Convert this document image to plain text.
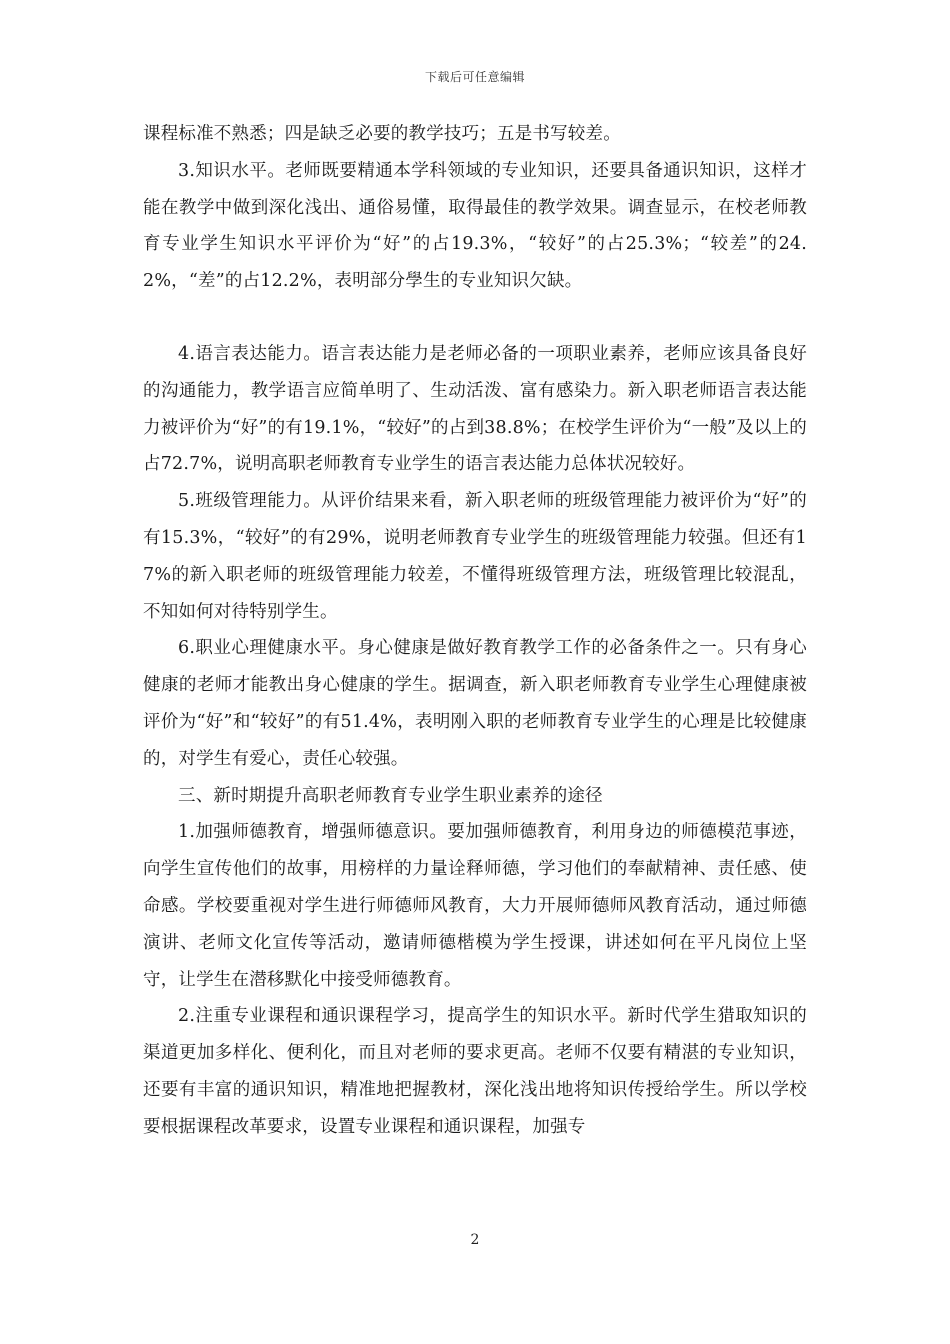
下载后可任意编辑

课程标准不熟悉；四是缺乏必要的教学技巧；五是书写较差。

3.知识水平。老师既要精通本学科领域的专业知识，还要具备通识知识，这样才能在教学中做到深化浅出、通俗易懂，取得最佳的教学效果。调查显示，在校老师教育专业学生知识水平评价为“好”的占19.3%，“较好”的占25.3%；“较差”的24.2%，“差”的占12.2%，表明部分學生的专业知识欠缺。

4.语言表达能力。语言表达能力是老师必备的一项职业素养，老师应该具备良好的沟通能力，教学语言应简单明了、生动活泼、富有感染力。新入职老师语言表达能力被评价为“好”的有19.1%，“较好”的占到38.8%；在校学生评价为“一般”及以上的占72.7%，说明高职老师教育专业学生的语言表达能力总体状况较好。

5.班级管理能力。从评价结果来看，新入职老师的班级管理能力被评价为“好”的有15.3%，“较好”的有29%，说明老师教育专业学生的班级管理能力较强。但还有17%的新入职老师的班级管理能力较差，不懂得班级管理方法，班级管理比较混乱，不知如何对待特别学生。

6.职业心理健康水平。身心健康是做好教育教学工作的必备条件之一。只有身心健康的老师才能教出身心健康的学生。据调查，新入职老师教育专业学生心理健康被评价为“好”和“较好”的有51.4%，表明刚入职的老师教育专业学生的心理是比较健康的，对学生有爱心，责任心较强。

三、新时期提升高职老师教育专业学生职业素养的途径

1.加强师德教育，增强师德意识。要加强师德教育，利用身边的师德模范事迹，向学生宣传他们的故事，用榜样的力量诠释师德，学习他们的奉献精神、责任感、使命感。学校要重视对学生进行师德师风教育，大力开展师德师风教育活动，通过师德演讲、老师文化宣传等活动，邀请师德楷模为学生授课，讲述如何在平凡岗位上坚守，让学生在潜移默化中接受师德教育。

2.注重专业课程和通识课程学习，提高学生的知识水平。新时代学生猎取知识的渠道更加多样化、便利化，而且对老师的要求更高。老师不仅要有精湛的专业知识，还要有丰富的通识知识，精准地把握教材，深化浅出地将知识传授给学生。所以学校要根据课程改革要求，设置专业课程和通识课程，加强专

2
